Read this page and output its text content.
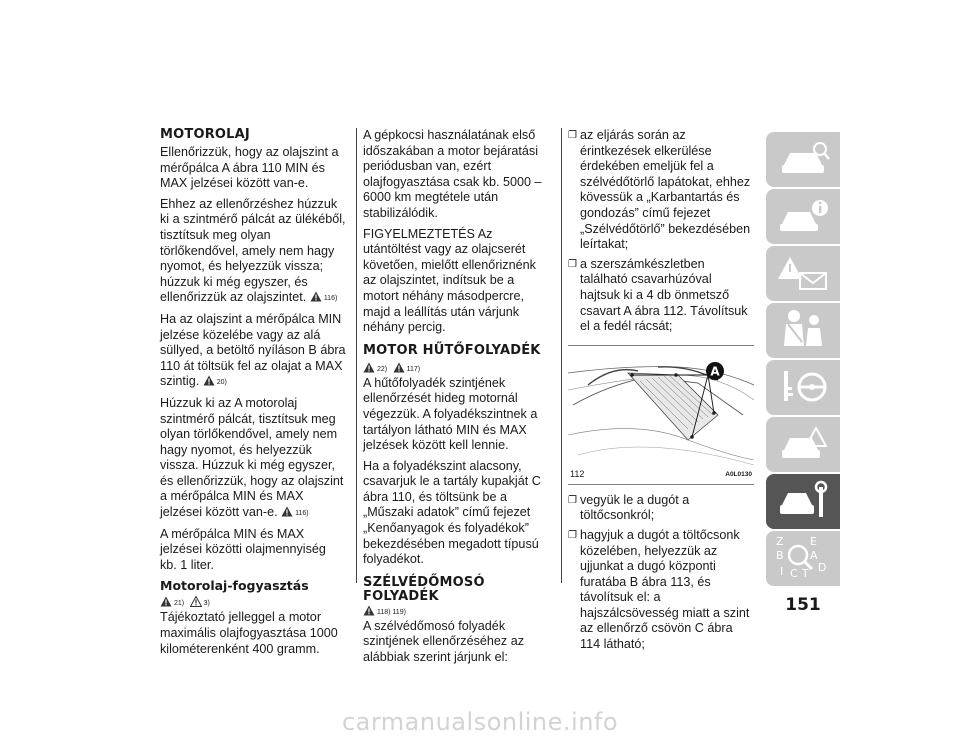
MOTOROLAJ

Ellenőrizzük, hogy az olajszint a mérőpálca A ábra 110 MIN és MAX jelzései között van-e.

Ehhez az ellenőrzéshez húzzuk ki a szintmérő pálcát az ülékéből, tisztítsuk meg olyan törlőkendővel, amely nem hagy nyomot, és helyezzük vissza; húzzuk ki még egyszer, és ellenőrizzük az olajszintet.	116)

Ha az olajszint a mérőpálca MIN jelzése közelébe vagy az alá süllyed, a betöltő nyíláson B ábra 110 át töltsük fel az olajat a MAX szintig.	20)

Húzzuk ki az A motorolaj szintmérő pálcát, tisztítsuk meg olyan törlőkendővel, amely nem hagy nyomot, és helyezzük vissza. Húzzuk ki még egyszer, és ellenőrizzük, hogy az olajszint a mérőpálca MIN és MAX jelzései között van-e.	116)

A mérőpálca MIN és MAX jelzései közötti olajmennyiség kb. 1 liter.

Motorolaj-fogyasztás
21)	3)

Tájékoztató jelleggel a motor maximális olajfogyasztása 1000 kilométerenként 400 gramm.

A gépkocsi használatának első időszakában a motor bejáratási periódusban van, ezért olajfogyasztása csak kb. 5000 – 6000 km megtétele után stabilizálódik.

FIGYELMEZTETÉS Az utántöltést vagy az olajcserét követően, mielőtt ellenőriznénk az olajszintet, indítsuk be a motort néhány másodpercre, majd a leállítás után várjunk néhány percig.

MOTOR HŰTŐFOLYADÉK
22)	117)

A hűtőfolyadék szintjének ellenőrzését hideg motornál végezzük. A folyadékszintnek a tartályon látható MIN és MAX jelzések között kell lennie.

Ha a folyadékszint alacsony, csavarjuk le a tartály kupakját C ábra 110, és töltsünk be a „Műszaki adatok” című fejezet „Kenőanyagok és folyadékok” bekezdésében megadott típusú folyadékot.

SZÉLVÉDŐMOSÓ
FOLYADÉK
118) 119)

A szélvédőmosó folyadék szintjének ellenőrzéséhez az alábbiak szerint járjunk el:

❐ az eljárás során az érintkezések elkerülése érdekében emeljük fel a szélvédőtörlő lapátokat, ehhez kövessük a „Karbantartás és gondozás” című fejezet „Szélvédőtörlő” bekezdésében leírtakat;
❐ a szerszámkészletben található csavarhúzóval hajtsuk ki a 4 db önmetsző csavart A ábra 112. Távolítsuk el a fedél rácsát;
A
112	A0L0130
❐ vegyük le a dugót a töltőcsonkról;
❐ hagyjuk a dugót a töltőcsonk közelében, helyezzük az ujjunkat a dugó központi furatába B ábra 113, és távolítsuk el: a hajszálcsövesség miatt a szint az ellenőrző csövön C ábra 114 látható;
Z E
B A
I C T D
151
carmanualsonline.info
